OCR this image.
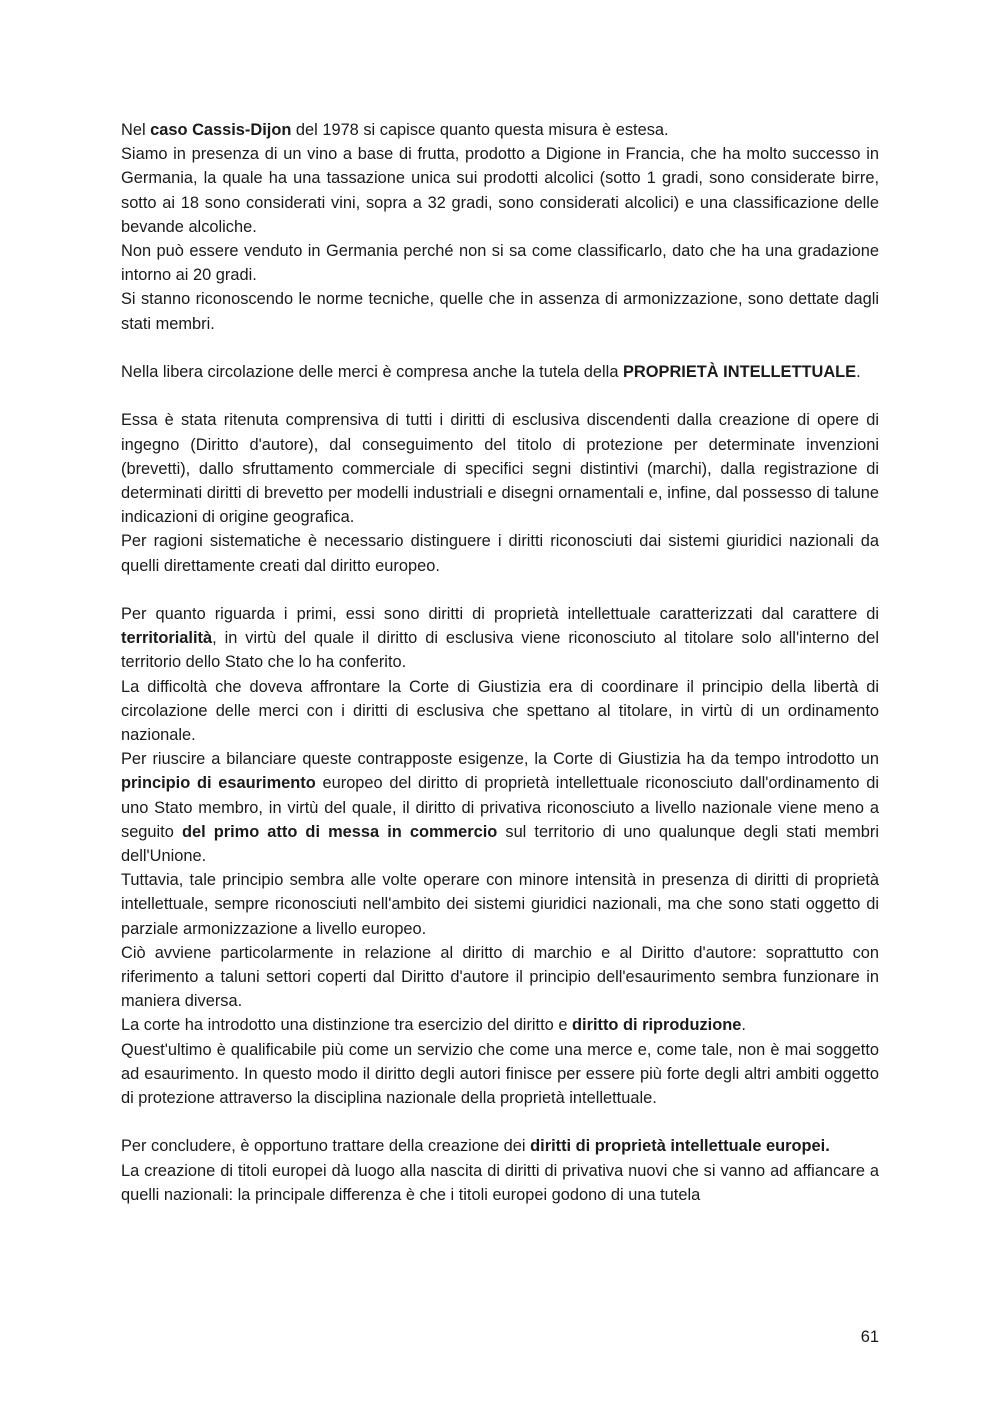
Nel caso Cassis-Dijon del 1978 si capisce quanto questa misura è estesa.

Siamo in presenza di un vino a base di frutta, prodotto a Digione in Francia, che ha molto successo in Germania, la quale ha una tassazione unica sui prodotti alcolici (sotto 1 gradi, sono considerate birre, sotto ai 18 sono considerati vini, sopra a 32 gradi, sono considerati alcolici) e una classificazione delle bevande alcoliche.

Non può essere venduto in Germania perché non si sa come classificarlo, dato che ha una gradazione intorno ai 20 gradi.

Si stanno riconoscendo le norme tecniche, quelle che in assenza di armonizzazione, sono dettate dagli stati membri.

Nella libera circolazione delle merci è compresa anche la tutela della PROPRIETÀ INTELLETTUALE.

Essa è stata ritenuta comprensiva di tutti i diritti di esclusiva discendenti dalla creazione di opere di ingegno (Diritto d'autore), dal conseguimento del titolo di protezione per determinate invenzioni (brevetti), dallo sfruttamento commerciale di specifici segni distintivi (marchi), dalla registrazione di determinati diritti di brevetto per modelli industriali e disegni ornamentali e, infine, dal possesso di talune indicazioni di origine geografica.

Per ragioni sistematiche è necessario distinguere i diritti riconosciuti dai sistemi giuridici nazionali da quelli direttamente creati dal diritto europeo.

Per quanto riguarda i primi, essi sono diritti di proprietà intellettuale caratterizzati dal carattere di territorialità, in virtù del quale il diritto di esclusiva viene riconosciuto al titolare solo all'interno del territorio dello Stato che lo ha conferito.

La difficoltà che doveva affrontare la Corte di Giustizia era di coordinare il principio della libertà di circolazione delle merci con i diritti di esclusiva che spettano al titolare, in virtù di un ordinamento nazionale.

Per riuscire a bilanciare queste contrapposte esigenze, la Corte di Giustizia ha da tempo introdotto un principio di esaurimento europeo del diritto di proprietà intellettuale riconosciuto dall'ordinamento di uno Stato membro, in virtù del quale, il diritto di privativa riconosciuto a livello nazionale viene meno a seguito del primo atto di messa in commercio sul territorio di uno qualunque degli stati membri dell'Unione.

Tuttavia, tale principio sembra alle volte operare con minore intensità in presenza di diritti di proprietà intellettuale, sempre riconosciuti nell'ambito dei sistemi giuridici nazionali, ma che sono stati oggetto di parziale armonizzazione a livello europeo.

Ciò avviene particolarmente in relazione al diritto di marchio e al Diritto d'autore: soprattutto con riferimento a taluni settori coperti dal Diritto d'autore il principio dell'esaurimento sembra funzionare in maniera diversa.

La corte ha introdotto una distinzione tra esercizio del diritto e diritto di riproduzione.

Quest'ultimo è qualificabile più come un servizio che come una merce e, come tale, non è mai soggetto ad esaurimento. In questo modo il diritto degli autori finisce per essere più forte degli altri ambiti oggetto di protezione attraverso la disciplina nazionale della proprietà intellettuale.

Per concludere, è opportuno trattare della creazione dei diritti di proprietà intellettuale europei.

La creazione di titoli europei dà luogo alla nascita di diritti di privativa nuovi che si vanno ad affiancare a quelli nazionali: la principale differenza è che i titoli europei godono di una tutela

61
